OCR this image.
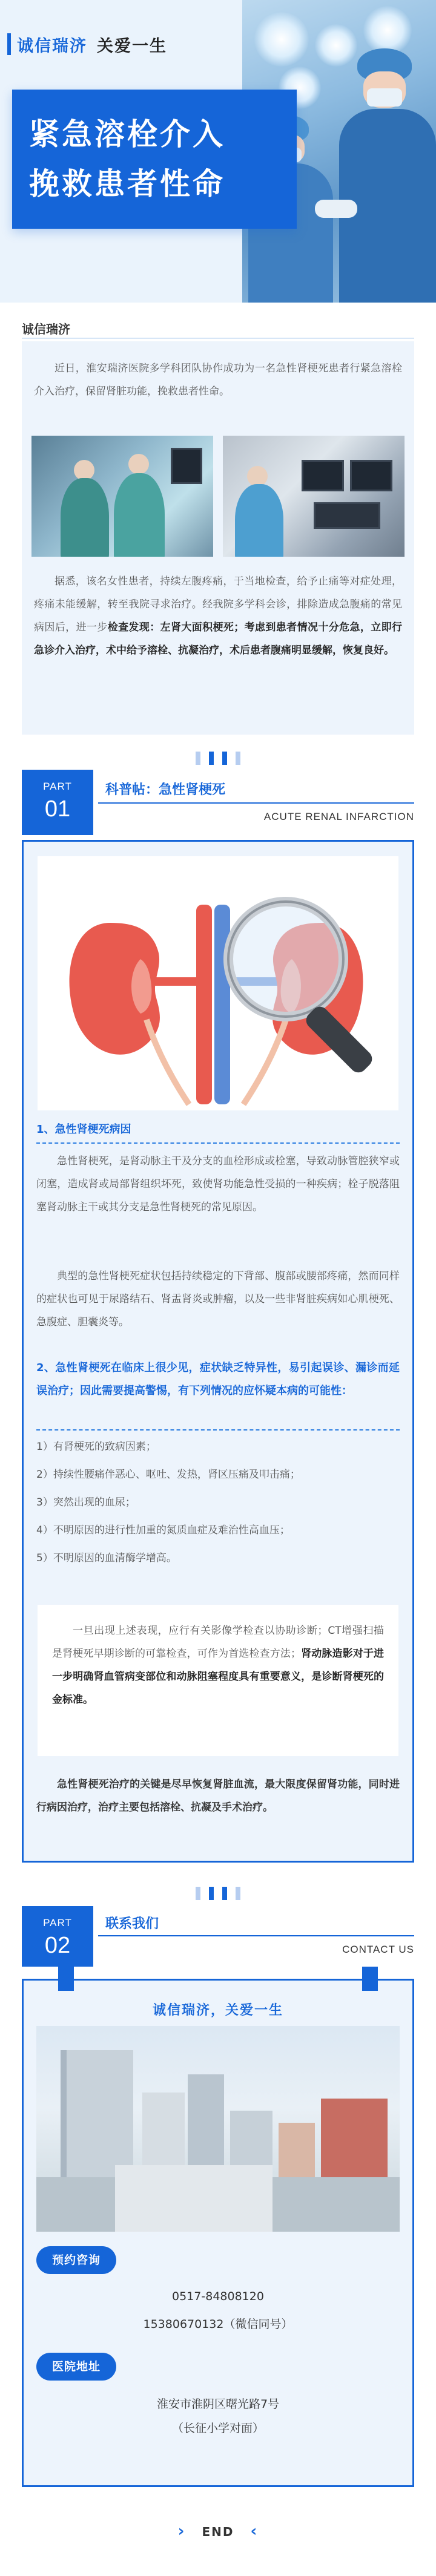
诚信瑞济 关爱一生
紧急溶栓介入
挽救患者性命
诚信瑞济

近日，淮安瑞济医院多学科团队协作成功为一名急性肾梗死患者行紧急溶栓介入治疗，保留肾脏功能，挽救患者性命。

据悉，该名女性患者，持续左腹疼痛，于当地检查，给予止痛等对症处理，疼痛未能缓解，转至我院寻求治疗。经我院多学科会诊，排除造成急腹痛的常见病因后，进一步检查发现：左肾大面积梗死；考虑到患者情况十分危急，立即行急诊介入治疗，术中给予溶栓、抗凝治疗，术后患者腹痛明显缓解，恢复良好。

PART
01
科普帖：急性肾梗死
ACUTE RENAL INFARCTION
1、急性肾梗死病因

急性肾梗死，是肾动脉主干及分支的血栓形成或栓塞，导致动脉管腔狭窄或闭塞，造成肾或局部肾组织坏死，致使肾功能急性受损的一种疾病；栓子脱落阻塞肾动脉主干或其分支是急性肾梗死的常见原因。

典型的急性肾梗死症状包括持续稳定的下背部、腹部或腰部疼痛，然而同样的症状也可见于尿路结石、肾盂肾炎或肿瘤，以及一些非肾脏疾病如心肌梗死、急腹症、胆囊炎等。

2、急性肾梗死在临床上很少见，症状缺乏特异性，易引起误诊、漏诊而延误治疗；因此需要提高警惕，有下列情况的应怀疑本病的可能性：
1）有肾梗死的致病因素；
2）持续性腰痛伴恶心、呕吐、发热，肾区压痛及叩击痛；
3）突然出现的血尿；
4）不明原因的进行性加重的氮质血症及难治性高血压；
5）不明原因的血清酶学增高。

一旦出现上述表现，应行有关影像学检查以协助诊断；CT增强扫描是肾梗死早期诊断的可靠检查，可作为首选检查方法；肾动脉造影对于进一步明确肾血管病变部位和动脉阻塞程度具有重要意义，是诊断肾梗死的金标准。

急性肾梗死治疗的关键是尽早恢复肾脏血流，最大限度保留肾功能，同时进行病因治疗，治疗主要包括溶栓、抗凝及手术治疗。

PART
02
联系我们
CONTACT US
诚信瑞济，关爱一生
预约咨询
0517-84808120
15380670132（微信同号）
医院地址
淮安市淮阴区曙光路7号
（长征小学对面）
› END ‹
